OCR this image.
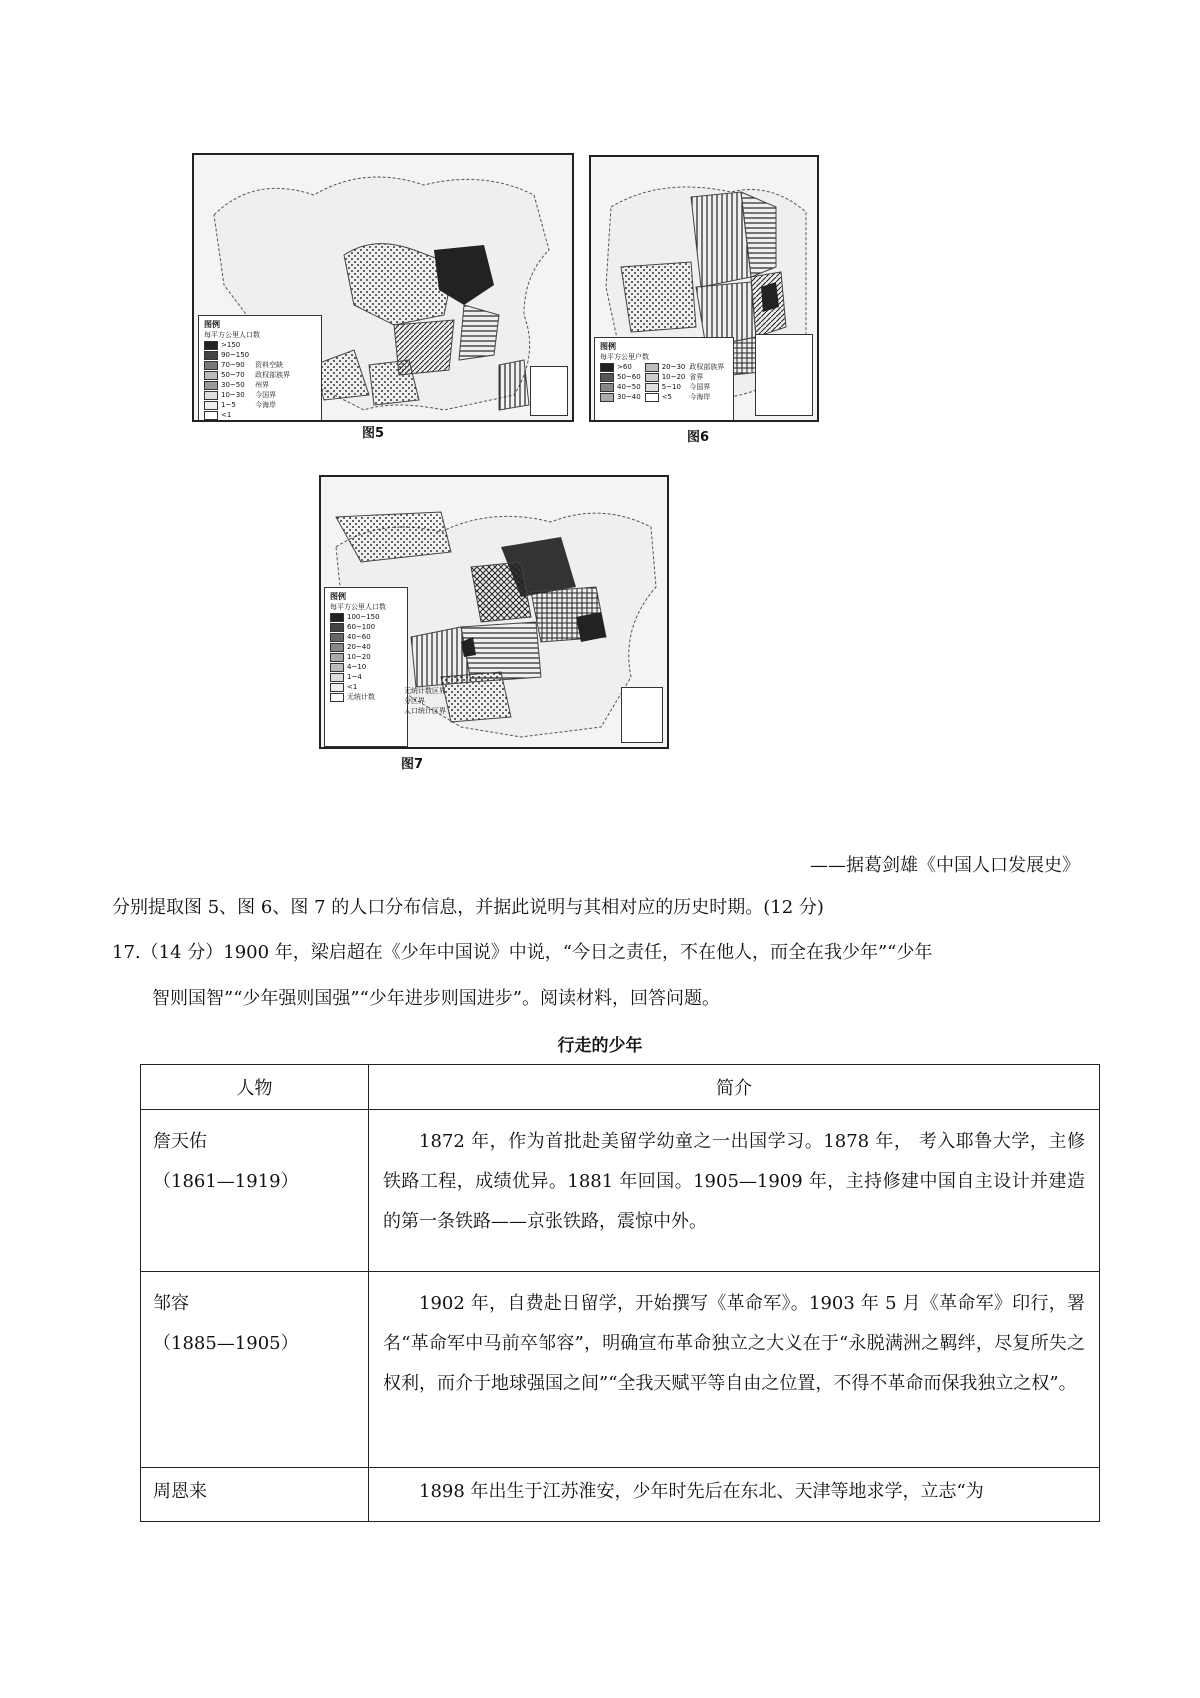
图例
每平方公里人口数
>150
90~150
70~90
50~70
30~50
10~30
1~5
<1
资料空缺
政权部族界
州界
今国界
今海岸
图5
图例
每平方公里户数
>60
50~60
40~50
30~40
20~30
10~20
5~10
<5
政权部族界
省界
今国界
今海岸
图6
图例
每平方公里人口数
100~150
60~100
40~60
20~40
10~20
4~10
1~4
<1
无统计数
无统计数区界
分区界
人口统计区界
图7
——据葛剑雄《中国人口发展史》
分别提取图 5、图 6、图 7 的人口分布信息，并据此说明与其相对应的历史时期。(12 分)
17.（14 分）1900 年，梁启超在《少年中国说》中说，“今日之责任，不在他人，而全在我少年”“少年
智则国智”“少年强则国强”“少年进步则国进步”。阅读材料，回答问题。
行走的少年
人物	简介

詹天佑
（1861—1919）	1872 年，作为首批赴美留学幼童之一出国学习。1878 年， 考入耶鲁大学，主修铁路工程，成绩优异。1881 年回国。1905—1909 年，主持修建中国自主设计并建造的第一条铁路——京张铁路，震惊中外。

邹容
（1885—1905）	1902 年，自费赴日留学，开始撰写《革命军》。1903 年 5 月《革命军》印行，署名“革命军中马前卒邹容”，明确宣布革命独立之大义在于“永脱满洲之羁绊，尽复所失之权利，而介于地球强国之间”“全我天赋平等自由之位置，不得不革命而保我独立之权”。

周恩来	1898 年出生于江苏淮安，少年时先后在东北、天津等地求学，立志“为
